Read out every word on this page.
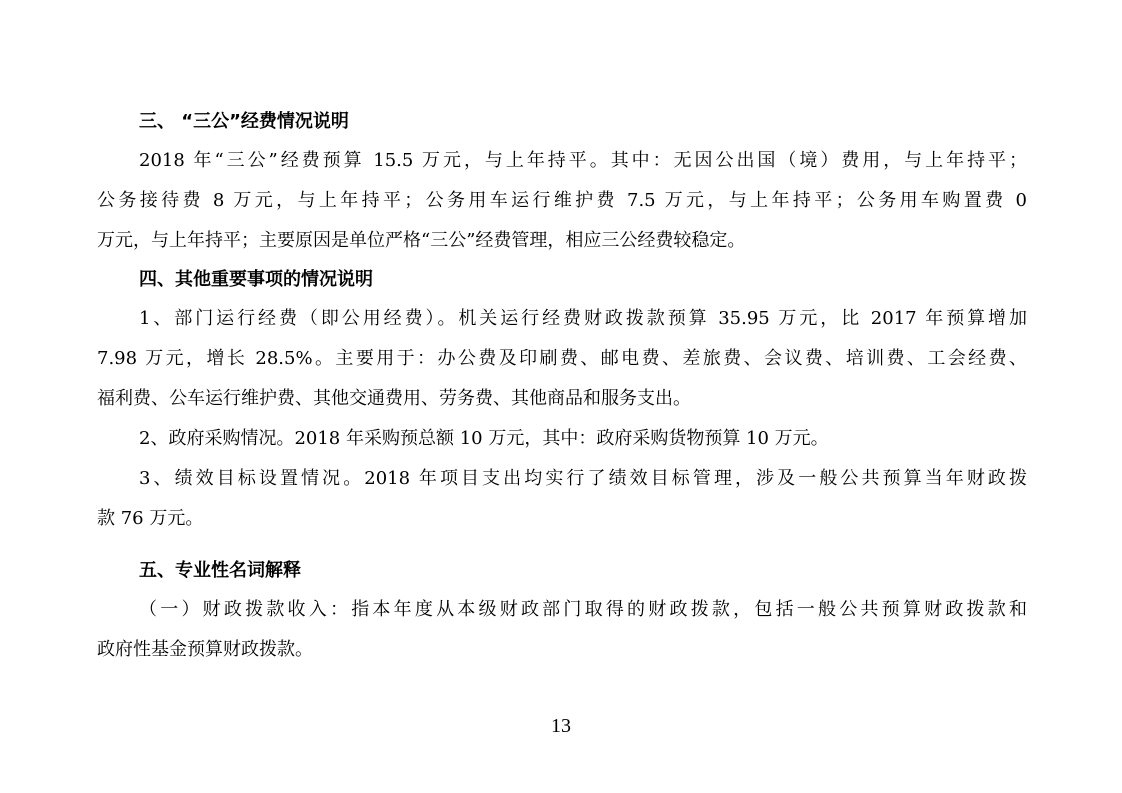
三、 “三公”经费情况说明
2018 年“三公”经费预算 15.5 万元，与上年持平。其中：无因公出国（境）费用，与上年持平；
公务接待费 8 万元，与上年持平；公务用车运行维护费 7.5 万元，与上年持平；公务用车购置费 0
万元，与上年持平；主要原因是单位严格“三公”经费管理，相应三公经费较稳定。
四、其他重要事项的情况说明
1、部门运行经费（即公用经费）。机关运行经费财政拨款预算 35.95 万元，比 2017 年预算增加
7.98 万元，增长 28.5%。主要用于：办公费及印刷费、邮电费、差旅费、会议费、培训费、工会经费、
福利费、公车运行维护费、其他交通费用、劳务费、其他商品和服务支出。
2、政府采购情况。2018 年采购预总额 10 万元，其中：政府采购货物预算 10 万元。
3、绩效目标设置情况。2018 年项目支出均实行了绩效目标管理，涉及一般公共预算当年财政拨
款 76 万元。
五、专业性名词解释
（一）财政拨款收入：指本年度从本级财政部门取得的财政拨款，包括一般公共预算财政拨款和
政府性基金预算财政拨款。
13
